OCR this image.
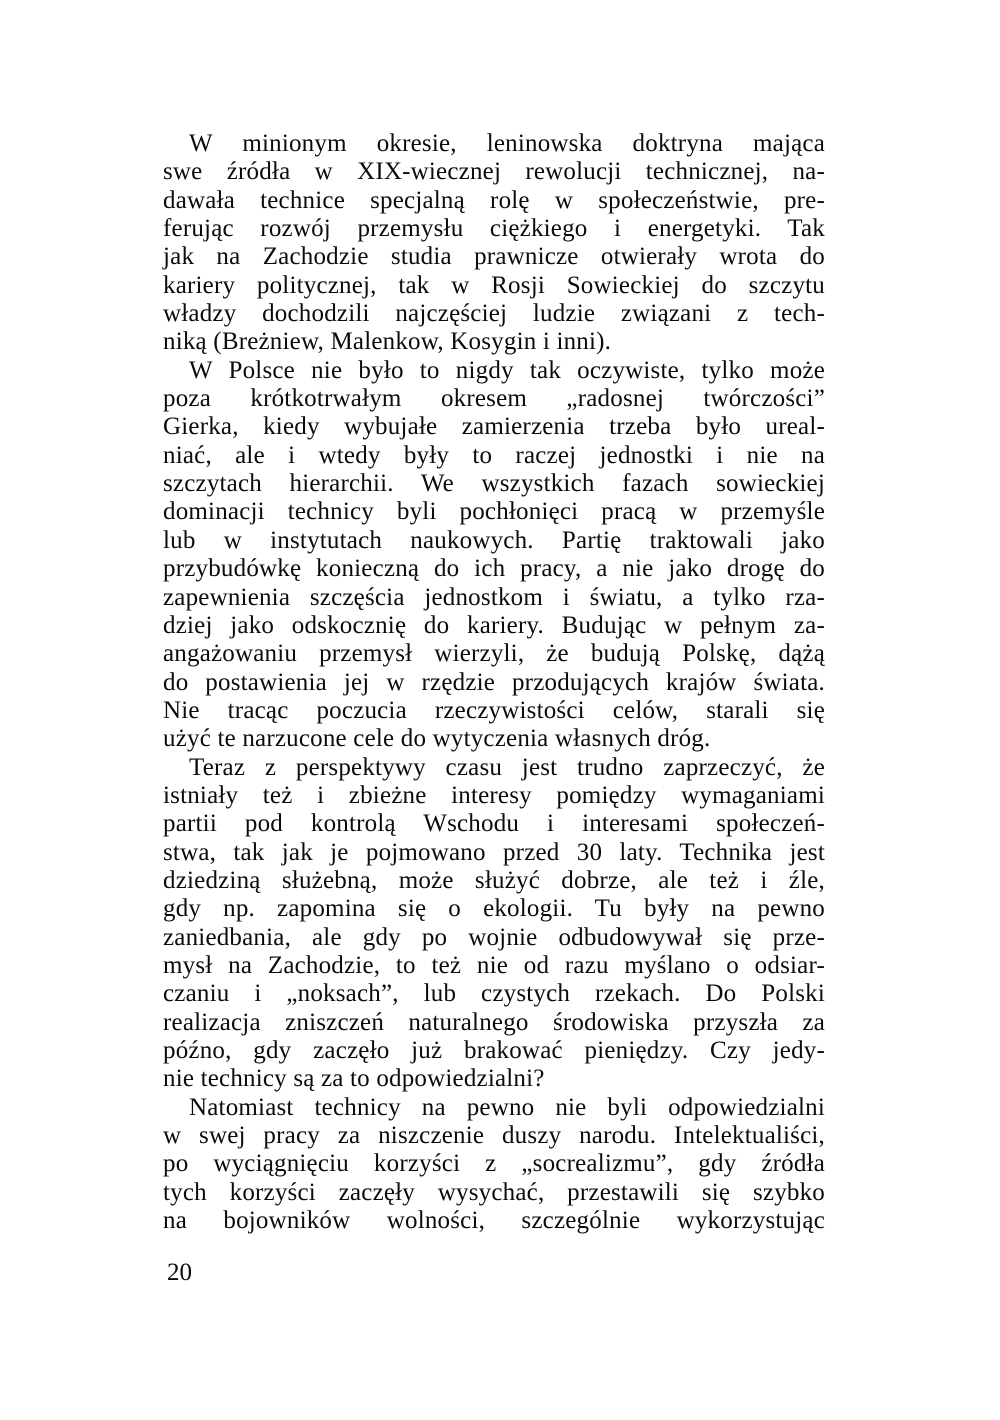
W minionym okresie, leninowska doktryna mająca
swe źródła w XIX-wiecznej rewolucji technicznej, na-
dawała technice specjalną rolę w społeczeństwie, pre-
ferując rozwój przemysłu ciężkiego i energetyki. Tak
jak na Zachodzie studia prawnicze otwierały wrota do
kariery politycznej, tak w Rosji Sowieckiej do szczytu
władzy dochodzili najczęściej ludzie związani z tech-
niką (Breżniew, Malenkow, Kosygin i inni).
W Polsce nie było to nigdy tak oczywiste, tylko może
poza krótkotrwałym okresem „radosnej twórczości”
Gierka, kiedy wybujałe zamierzenia trzeba było ureal-
niać, ale i wtedy były to raczej jednostki i nie na
szczytach hierarchii. We wszystkich fazach sowieckiej
dominacji technicy byli pochłonięci pracą w przemyśle
lub w instytutach naukowych. Partię traktowali jako
przybudówkę konieczną do ich pracy, a nie jako drogę do
zapewnienia szczęścia jednostkom i światu, a tylko rza-
dziej jako odskocznię do kariery. Budując w pełnym za-
angażowaniu przemysł wierzyli, że budują Polskę, dążą
do postawienia jej w rzędzie przodujących krajów świata.
Nie tracąc poczucia rzeczywistości celów, starali się
użyć te narzucone cele do wytyczenia własnych dróg.
Teraz z perspektywy czasu jest trudno zaprzeczyć, że
istniały też i zbieżne interesy pomiędzy wymaganiami
partii pod kontrolą Wschodu i interesami społeczeń-
stwa, tak jak je pojmowano przed 30 laty. Technika jest
dziedziną służebną, może służyć dobrze, ale też i źle,
gdy np. zapomina się o ekologii. Tu były na pewno
zaniedbania, ale gdy po wojnie odbudowywał się prze-
mysł na Zachodzie, to też nie od razu myślano o odsiar-
czaniu i „noksach”, lub czystych rzekach. Do Polski
realizacja zniszczeń naturalnego środowiska przyszła za
późno, gdy zaczęło już brakować pieniędzy. Czy jedy-
nie technicy są za to odpowiedzialni?
Natomiast technicy na pewno nie byli odpowiedzialni
w swej pracy za niszczenie duszy narodu. Intelektualiści,
po wyciągnięciu korzyści z „socrealizmu”, gdy źródła
tych korzyści zaczęły wysychać, przestawili się szybko
na bojowników wolności, szczególnie wykorzystując
20
